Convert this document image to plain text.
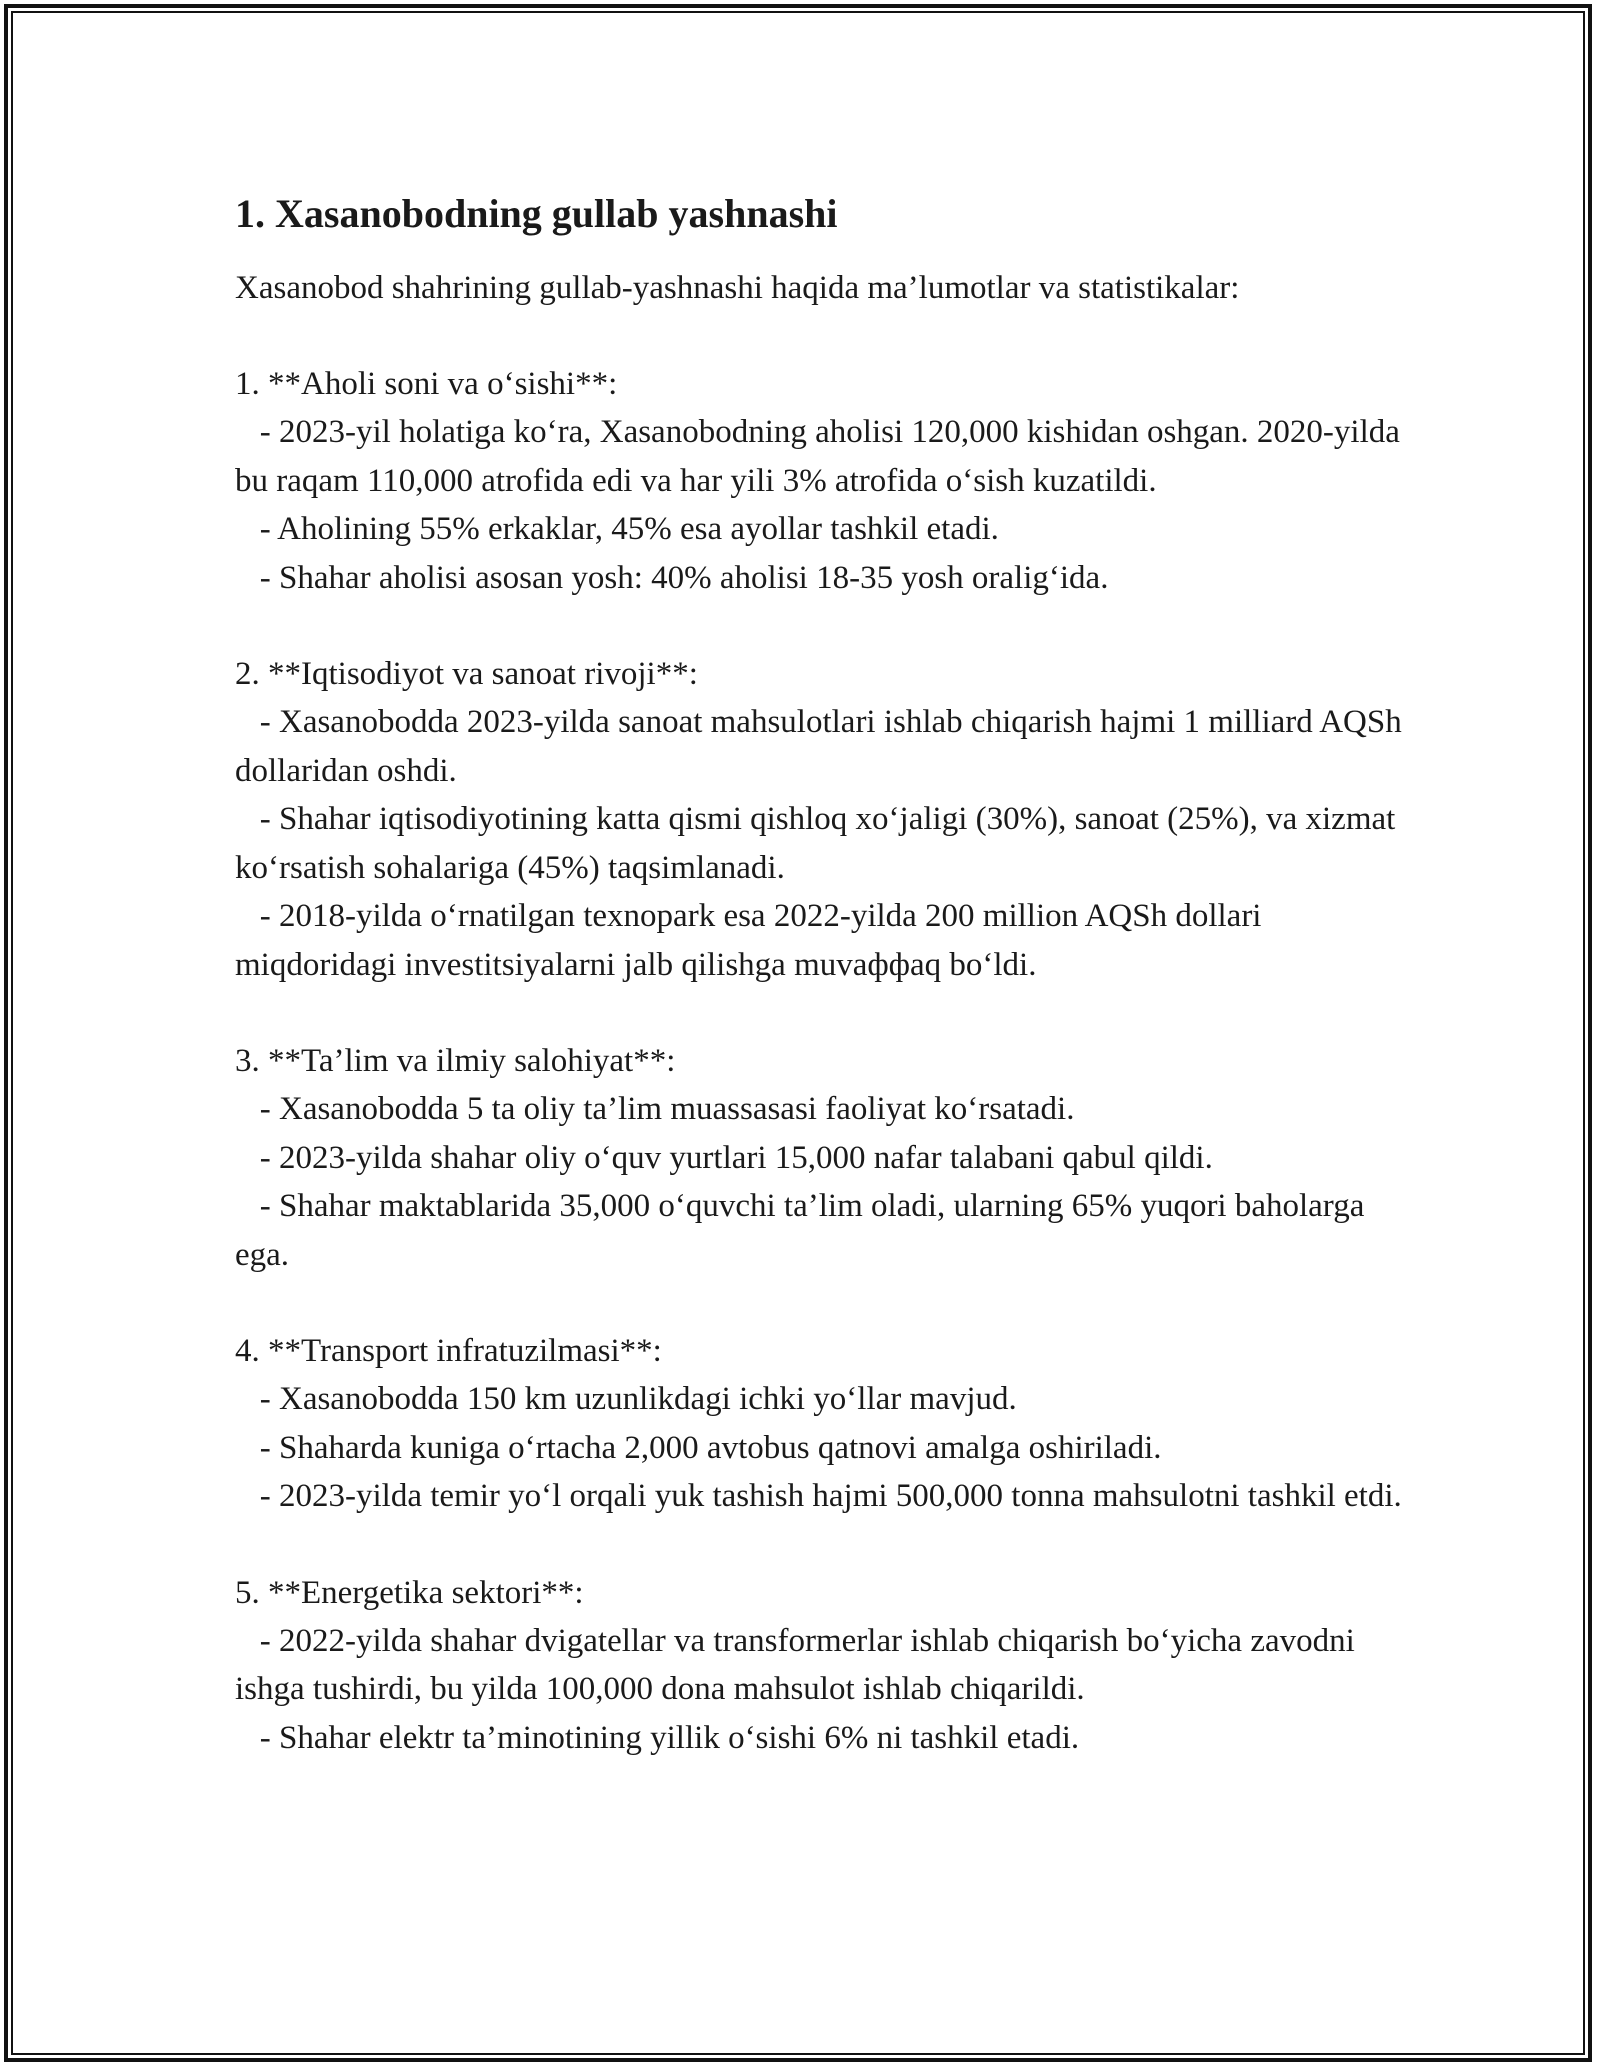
1. Xasanobodning gullab yashnashi

Xasanobod shahrining gullab-yashnashi haqida ma’lumotlar va statistikalar:

1. **Aholi soni va o‘sishi**:

- 2023-yil holatiga ko‘ra, Xasanobodning aholisi 120,000 kishidan oshgan. 2020-yilda bu raqam 110,000 atrofida edi va har yili 3% atrofida o‘sish kuzatildi.

- Aholining 55% erkaklar, 45% esa ayollar tashkil etadi.

- Shahar aholisi asosan yosh: 40% aholisi 18-35 yosh oralig‘ida.

2. **Iqtisodiyot va sanoat rivoji**:

- Xasanobodda 2023-yilda sanoat mahsulotlari ishlab chiqarish hajmi 1 milliard AQSh dollaridan oshdi.

- Shahar iqtisodiyotining katta qismi qishloq xo‘jaligi (30%), sanoat (25%), va xizmat ko‘rsatish sohalariga (45%) taqsimlanadi.

- 2018-yilda o‘rnatilgan texnopark esa 2022-yilda 200 million AQSh dollari miqdoridagi investitsiyalarni jalb qilishga muvaффaq bo‘ldi.

3. **Ta’lim va ilmiy salohiyat**:

- Xasanobodda 5 ta oliy ta’lim muassasasi faoliyat ko‘rsatadi.

- 2023-yilda shahar oliy o‘quv yurtlari 15,000 nafar talabani qabul qildi.

- Shahar maktablarida 35,000 o‘quvchi ta’lim oladi, ularning 65% yuqori baholarga ega.

4. **Transport infratuzilmasi**:

- Xasanobodda 150 km uzunlikdagi ichki yo‘llar mavjud.

- Shaharda kuniga o‘rtacha 2,000 avtobus qatnovi amalga oshiriladi.

- 2023-yilda temir yo‘l orqali yuk tashish hajmi 500,000 tonna mahsulotni tashkil etdi.

5. **Energetika sektori**:

- 2022-yilda shahar dvigatellar va transformerlar ishlab chiqarish bo‘yicha zavodni ishga tushirdi, bu yilda 100,000 dona mahsulot ishlab chiqarildi.

- Shahar elektr ta’minotining yillik o‘sishi 6% ni tashkil etadi.
